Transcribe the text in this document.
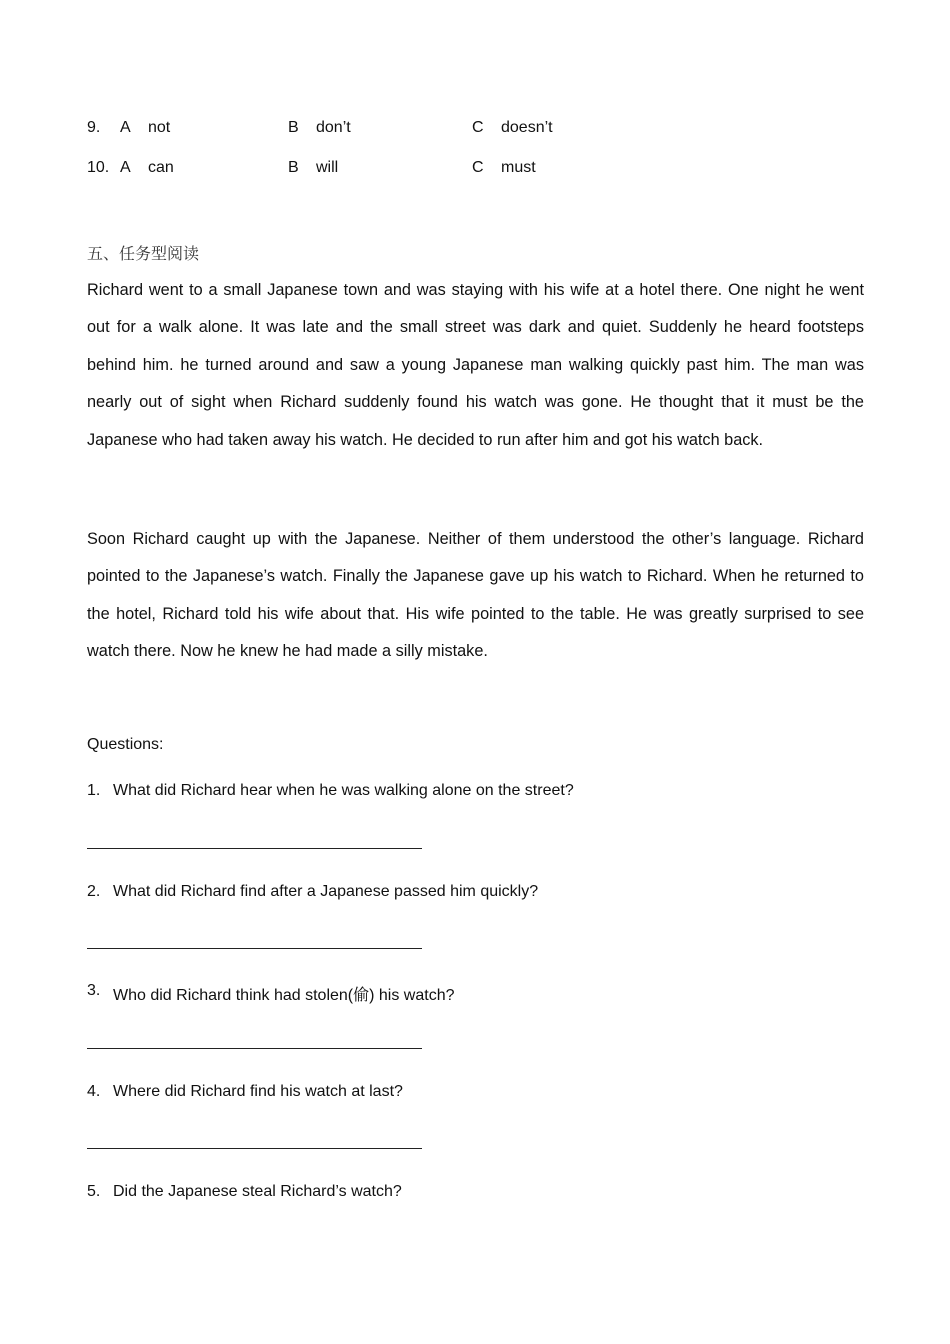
9. A not	B don’t	C doesn’t
10. A can	B will	C must
五、任务型阅读

Richard went to a small Japanese town and was staying with his wife at a hotel there. One night he went out for a walk alone. It was late and the small street was dark and quiet. Suddenly he heard footsteps behind him. he turned around and saw a young Japanese man walking quickly past him. The man was nearly out of sight when Richard suddenly found his watch was gone. He thought that it must be the Japanese who had taken away his watch. He decided to run after him and got his watch back.

Soon Richard caught up with the Japanese. Neither of them understood the other’s language. Richard pointed to the Japanese’s watch. Finally the Japanese gave up his watch to Richard. When he returned to the hotel, Richard told his wife about that. His wife pointed to the table. He was greatly surprised to see watch there. Now he knew he had made a silly mistake.

Questions:
1. What did Richard hear when he was walking alone on the street?
2. What did Richard find after a Japanese passed him quickly?
3. Who did Richard think had stolen(偷) his watch?
4. Where did Richard find his watch at last?
5. Did the Japanese steal Richard’s watch?
